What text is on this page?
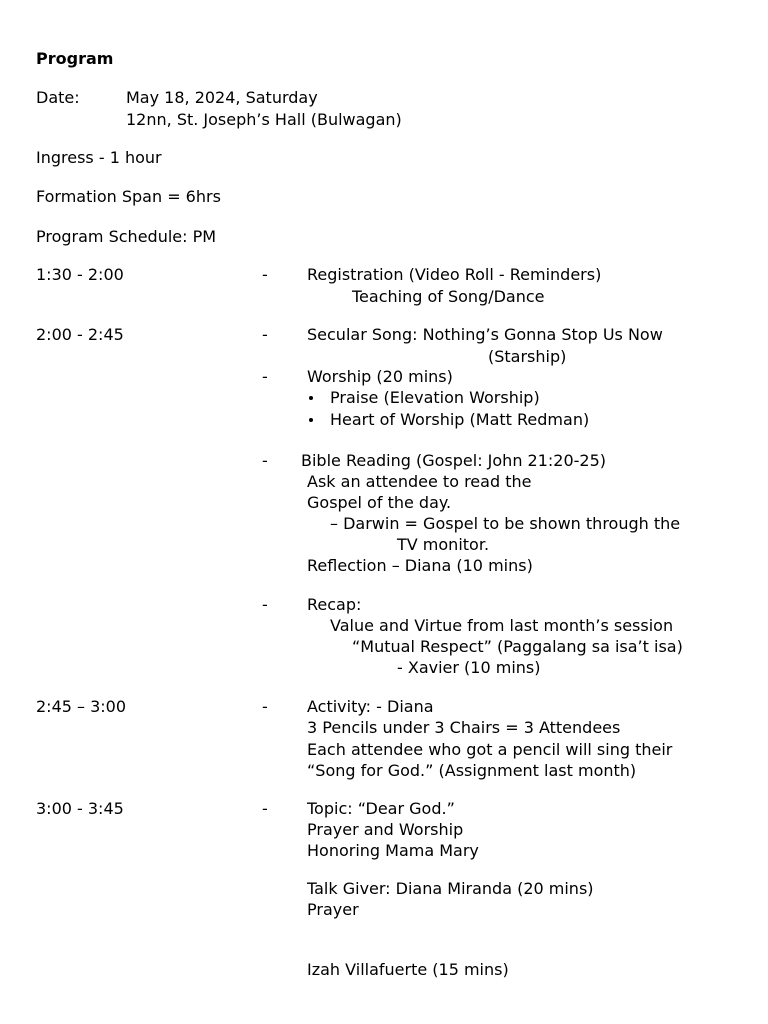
Program
Date:	May 18, 2024, Saturday
12nn, St. Joseph’s Hall (Bulwagan)
Ingress - 1 hour
Formation Span = 6hrs
Program Schedule: PM
1:30 - 2:00	- Registration (Video Roll - Reminders)
Teaching of Song/Dance
2:00 - 2:45	- Secular Song: Nothing’s Gonna Stop Us Now
(Starship)
- Worship (20 mins)
Praise (Elevation Worship)
Heart of Worship (Matt Redman)
- Bible Reading (Gospel: John 21:20-25)
Ask an attendee to read the
Gospel of the day.
– Darwin = Gospel to be shown through the
TV monitor.
Reflection – Diana (10 mins)
- Recap:
Value and Virtue from last month’s session
“Mutual Respect” (Paggalang sa isa’t isa)
- Xavier (10 mins)
2:45 – 3:00	- Activity: - Diana
3 Pencils under 3 Chairs = 3 Attendees
Each attendee who got a pencil will sing their
“Song for God.” (Assignment last month)
3:00 - 3:45	- Topic: “Dear God.”
Prayer and Worship
Honoring Mama Mary
Talk Giver: Diana Miranda (20 mins)
Prayer
Izah Villafuerte (15 mins)
